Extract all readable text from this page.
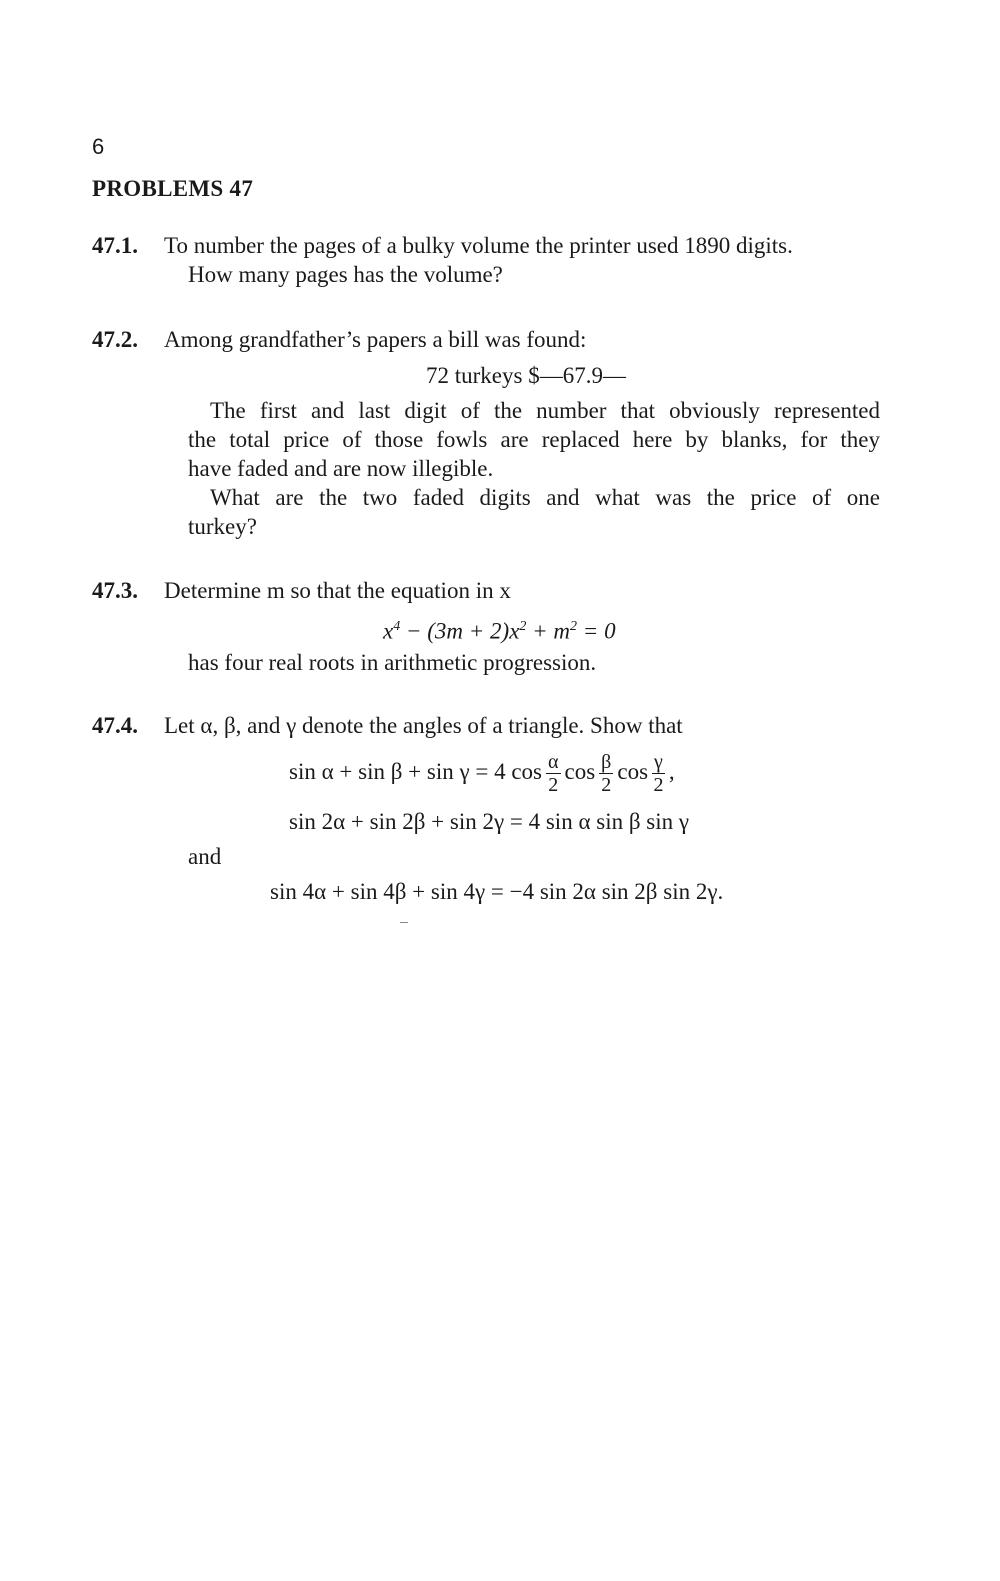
6
PROBLEMS 47
47.1. To number the pages of a bulky volume the printer used 1890 digits.
How many pages has the volume?
47.2. Among grandfather’s papers a bill was found:
72 turkeys $—67.9—
The first and last digit of the number that obviously represented
the total price of those fowls are replaced here by blanks, for they
have faded and are now illegible.
What are the two faded digits and what was the price of one
turkey?
47.3. Determine m so that the equation in x
$x^4 - (3m + 2)x^2 + m^2 = 0$
has four real roots in arithmetic progression.
47.4. Let α, β, and γ denote the angles of a triangle. Show that
sin α + sin β + sin γ = 4 $\cos \frac{\alpha}{2}$ $\cos \frac{\beta}{2}$ $\cos \frac{\gamma}{2}$ ,
sin 2α + sin 2β + sin 2γ = 4 sin α sin β sin γ
and
sin 4α + sin 4β + sin 4γ = −4 sin 2α sin 2β sin 2γ.
